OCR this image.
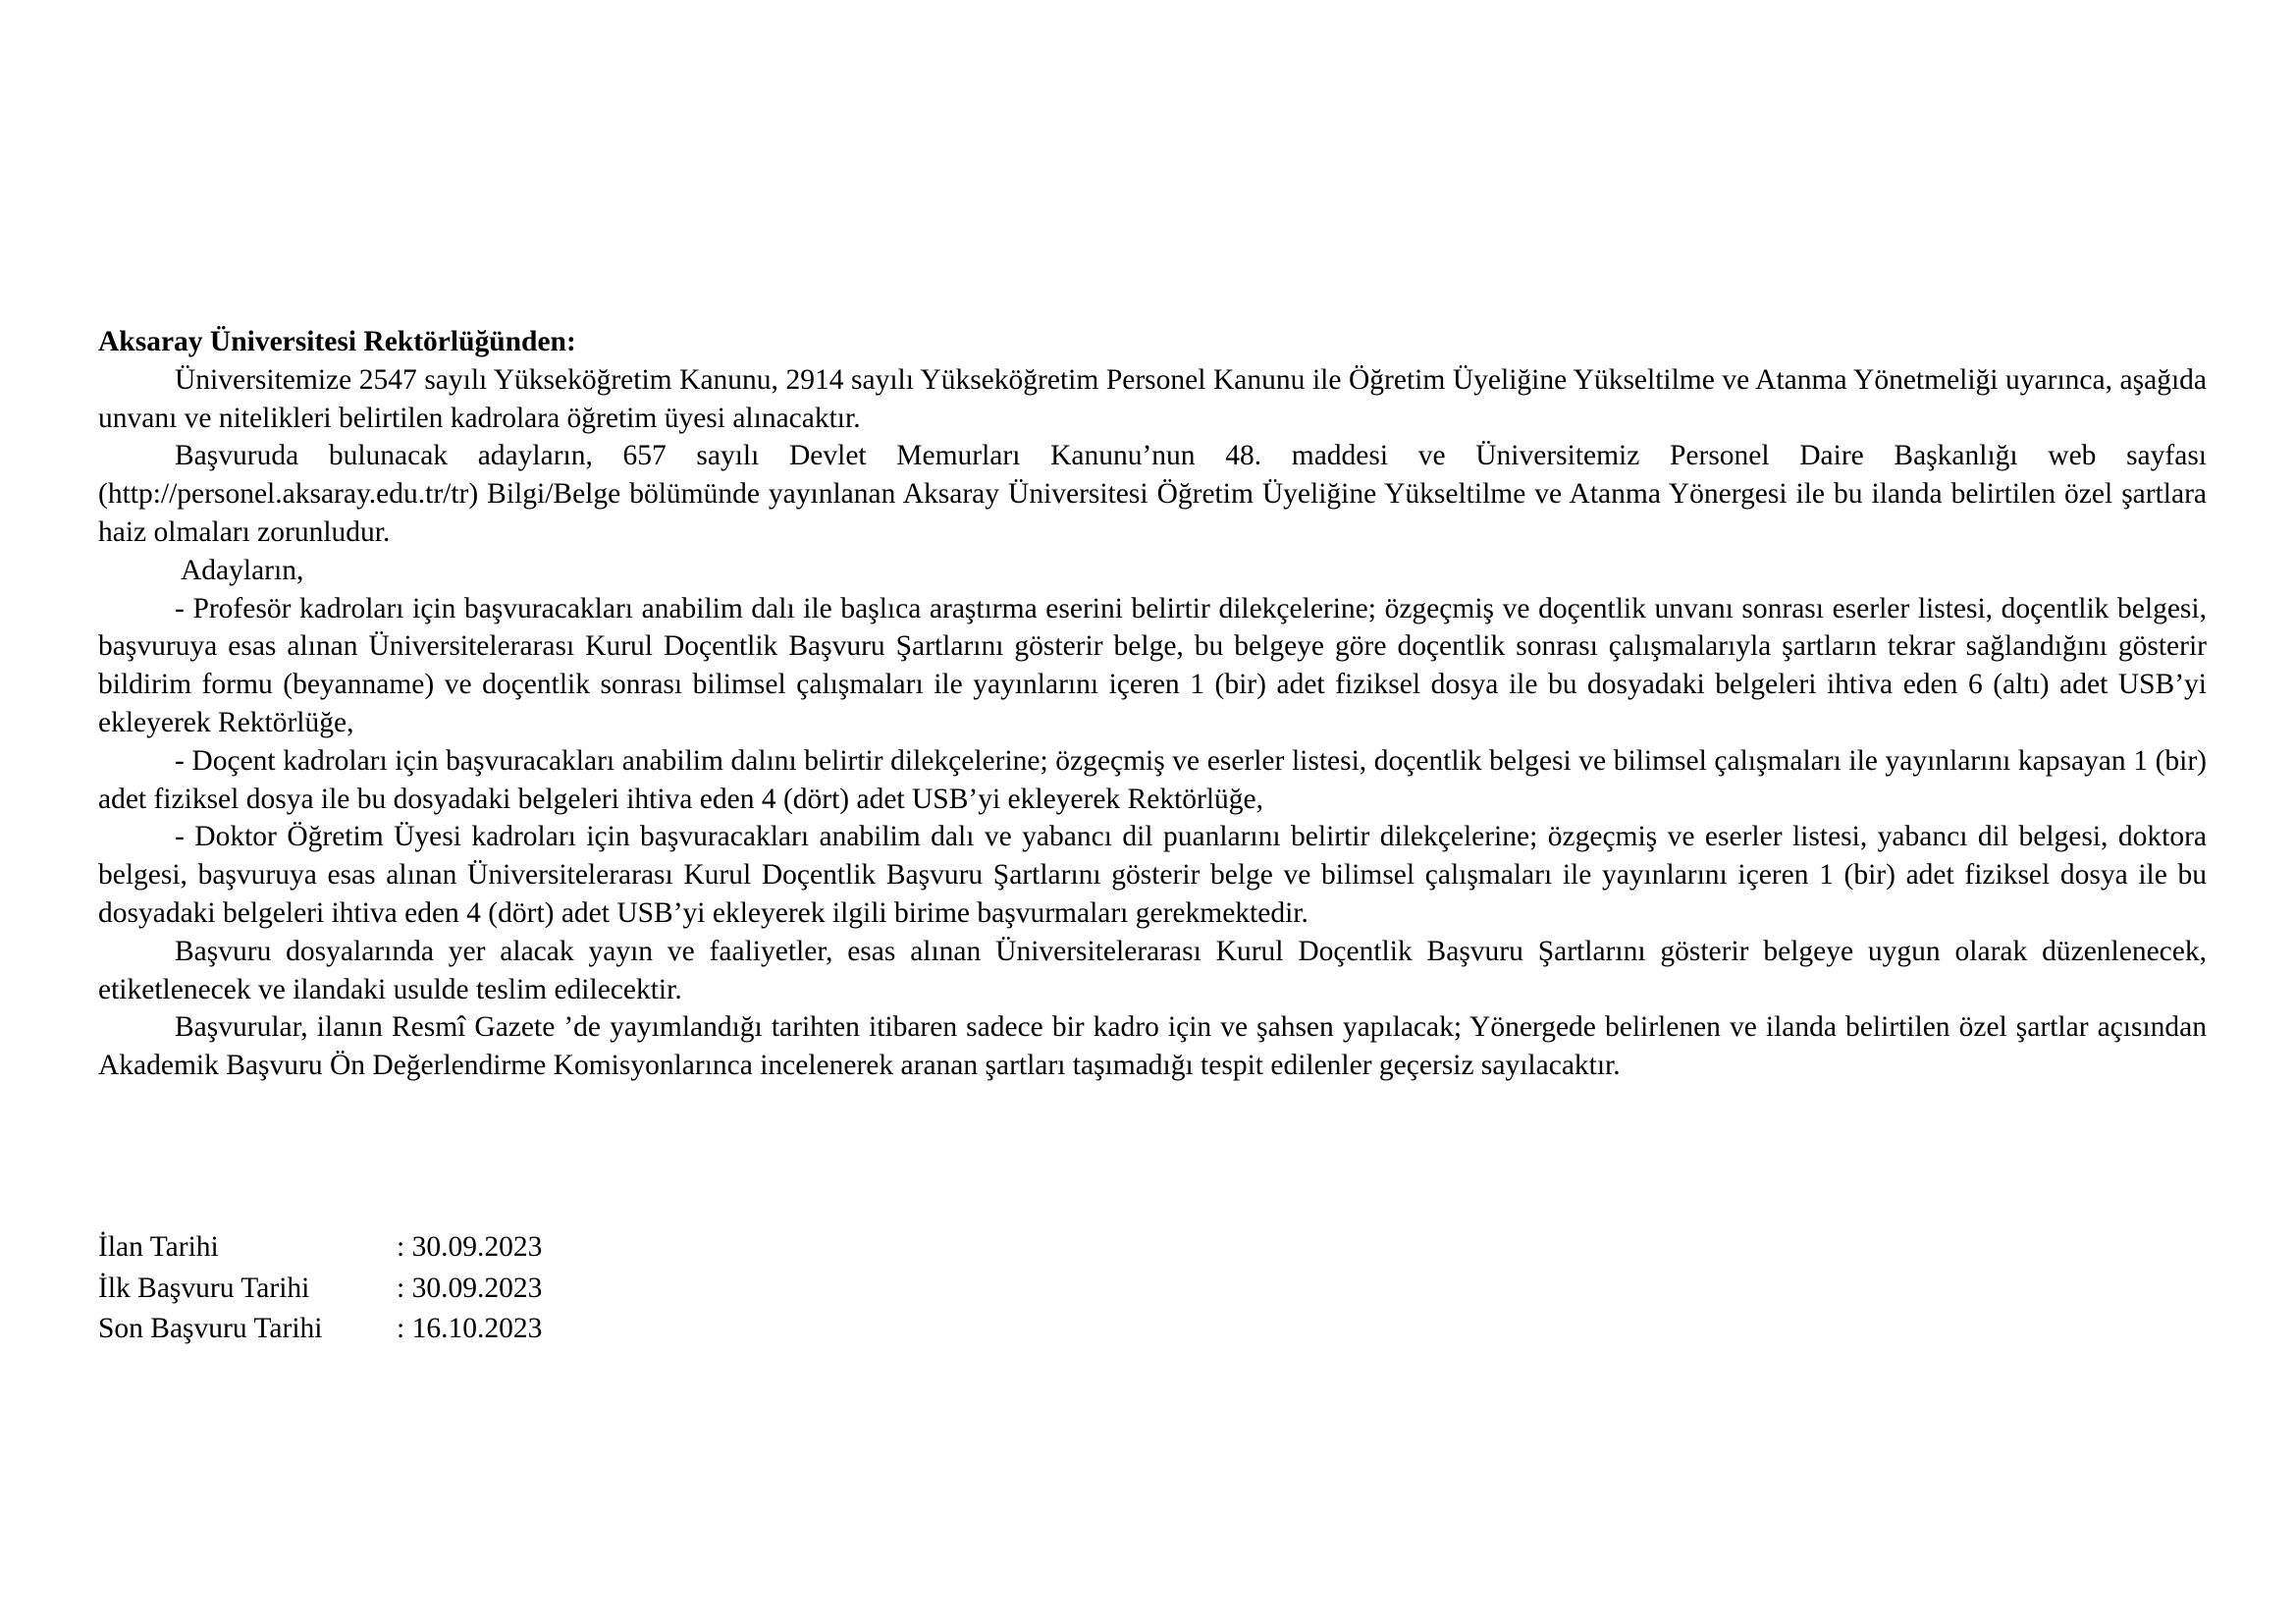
Aksaray Üniversitesi Rektörlüğünden:

Üniversitemize 2547 sayılı Yükseköğretim Kanunu, 2914 sayılı Yükseköğretim Personel Kanunu ile Öğretim Üyeliğine Yükseltilme ve Atanma Yönetmeliği uyarınca, aşağıda unvanı ve nitelikleri belirtilen kadrolara öğretim üyesi alınacaktır.

Başvuruda bulunacak adayların, 657 sayılı Devlet Memurları Kanunu’nun 48. maddesi ve Üniversitemiz Personel Daire Başkanlığı web sayfası (http://personel.aksaray.edu.tr/tr) Bilgi/Belge bölümünde yayınlanan Aksaray Üniversitesi Öğretim Üyeliğine Yükseltilme ve Atanma Yönergesi ile bu ilanda belirtilen özel şartlara haiz olmaları zorunludur.

Adayların,

- Profesör kadroları için başvuracakları anabilim dalı ile başlıca araştırma eserini belirtir dilekçelerine; özgeçmiş ve doçentlik unvanı sonrası eserler listesi, doçentlik belgesi, başvuruya esas alınan Üniversitelerarası Kurul Doçentlik Başvuru Şartlarını gösterir belge, bu belgeye göre doçentlik sonrası çalışmalarıyla şartların tekrar sağlandığını gösterir bildirim formu (beyanname) ve doçentlik sonrası bilimsel çalışmaları ile yayınlarını içeren 1 (bir) adet fiziksel dosya ile bu dosyadaki belgeleri ihtiva eden 6 (altı) adet USB’yi ekleyerek Rektörlüğe,

- Doçent kadroları için başvuracakları anabilim dalını belirtir dilekçelerine; özgeçmiş ve eserler listesi, doçentlik belgesi ve bilimsel çalışmaları ile yayınlarını kapsayan 1 (bir) adet fiziksel dosya ile bu dosyadaki belgeleri ihtiva eden 4 (dört) adet USB’yi ekleyerek Rektörlüğe,

- Doktor Öğretim Üyesi kadroları için başvuracakları anabilim dalı ve yabancı dil puanlarını belirtir dilekçelerine; özgeçmiş ve eserler listesi, yabancı dil belgesi, doktora belgesi, başvuruya esas alınan Üniversitelerarası Kurul Doçentlik Başvuru Şartlarını gösterir belge ve bilimsel çalışmaları ile yayınlarını içeren 1 (bir) adet fiziksel dosya ile bu dosyadaki belgeleri ihtiva eden 4 (dört) adet USB’yi ekleyerek ilgili birime başvurmaları gerekmektedir.

Başvuru dosyalarında yer alacak yayın ve faaliyetler, esas alınan Üniversitelerarası Kurul Doçentlik Başvuru Şartlarını gösterir belgeye uygun olarak düzenlenecek, etiketlenecek ve ilandaki usulde teslim edilecektir.

Başvurular, ilanın Resmî Gazete ’de yayımlandığı tarihten itibaren sadece bir kadro için ve şahsen yapılacak; Yönergede belirlenen ve ilanda belirtilen özel şartlar açısından Akademik Başvuru Ön Değerlendirme Komisyonlarınca incelenerek aranan şartları taşımadığı tespit edilenler geçersiz sayılacaktır.

İlan Tarihi	: 30.09.2023
İlk Başvuru Tarihi	: 30.09.2023
Son Başvuru Tarihi	: 16.10.2023
